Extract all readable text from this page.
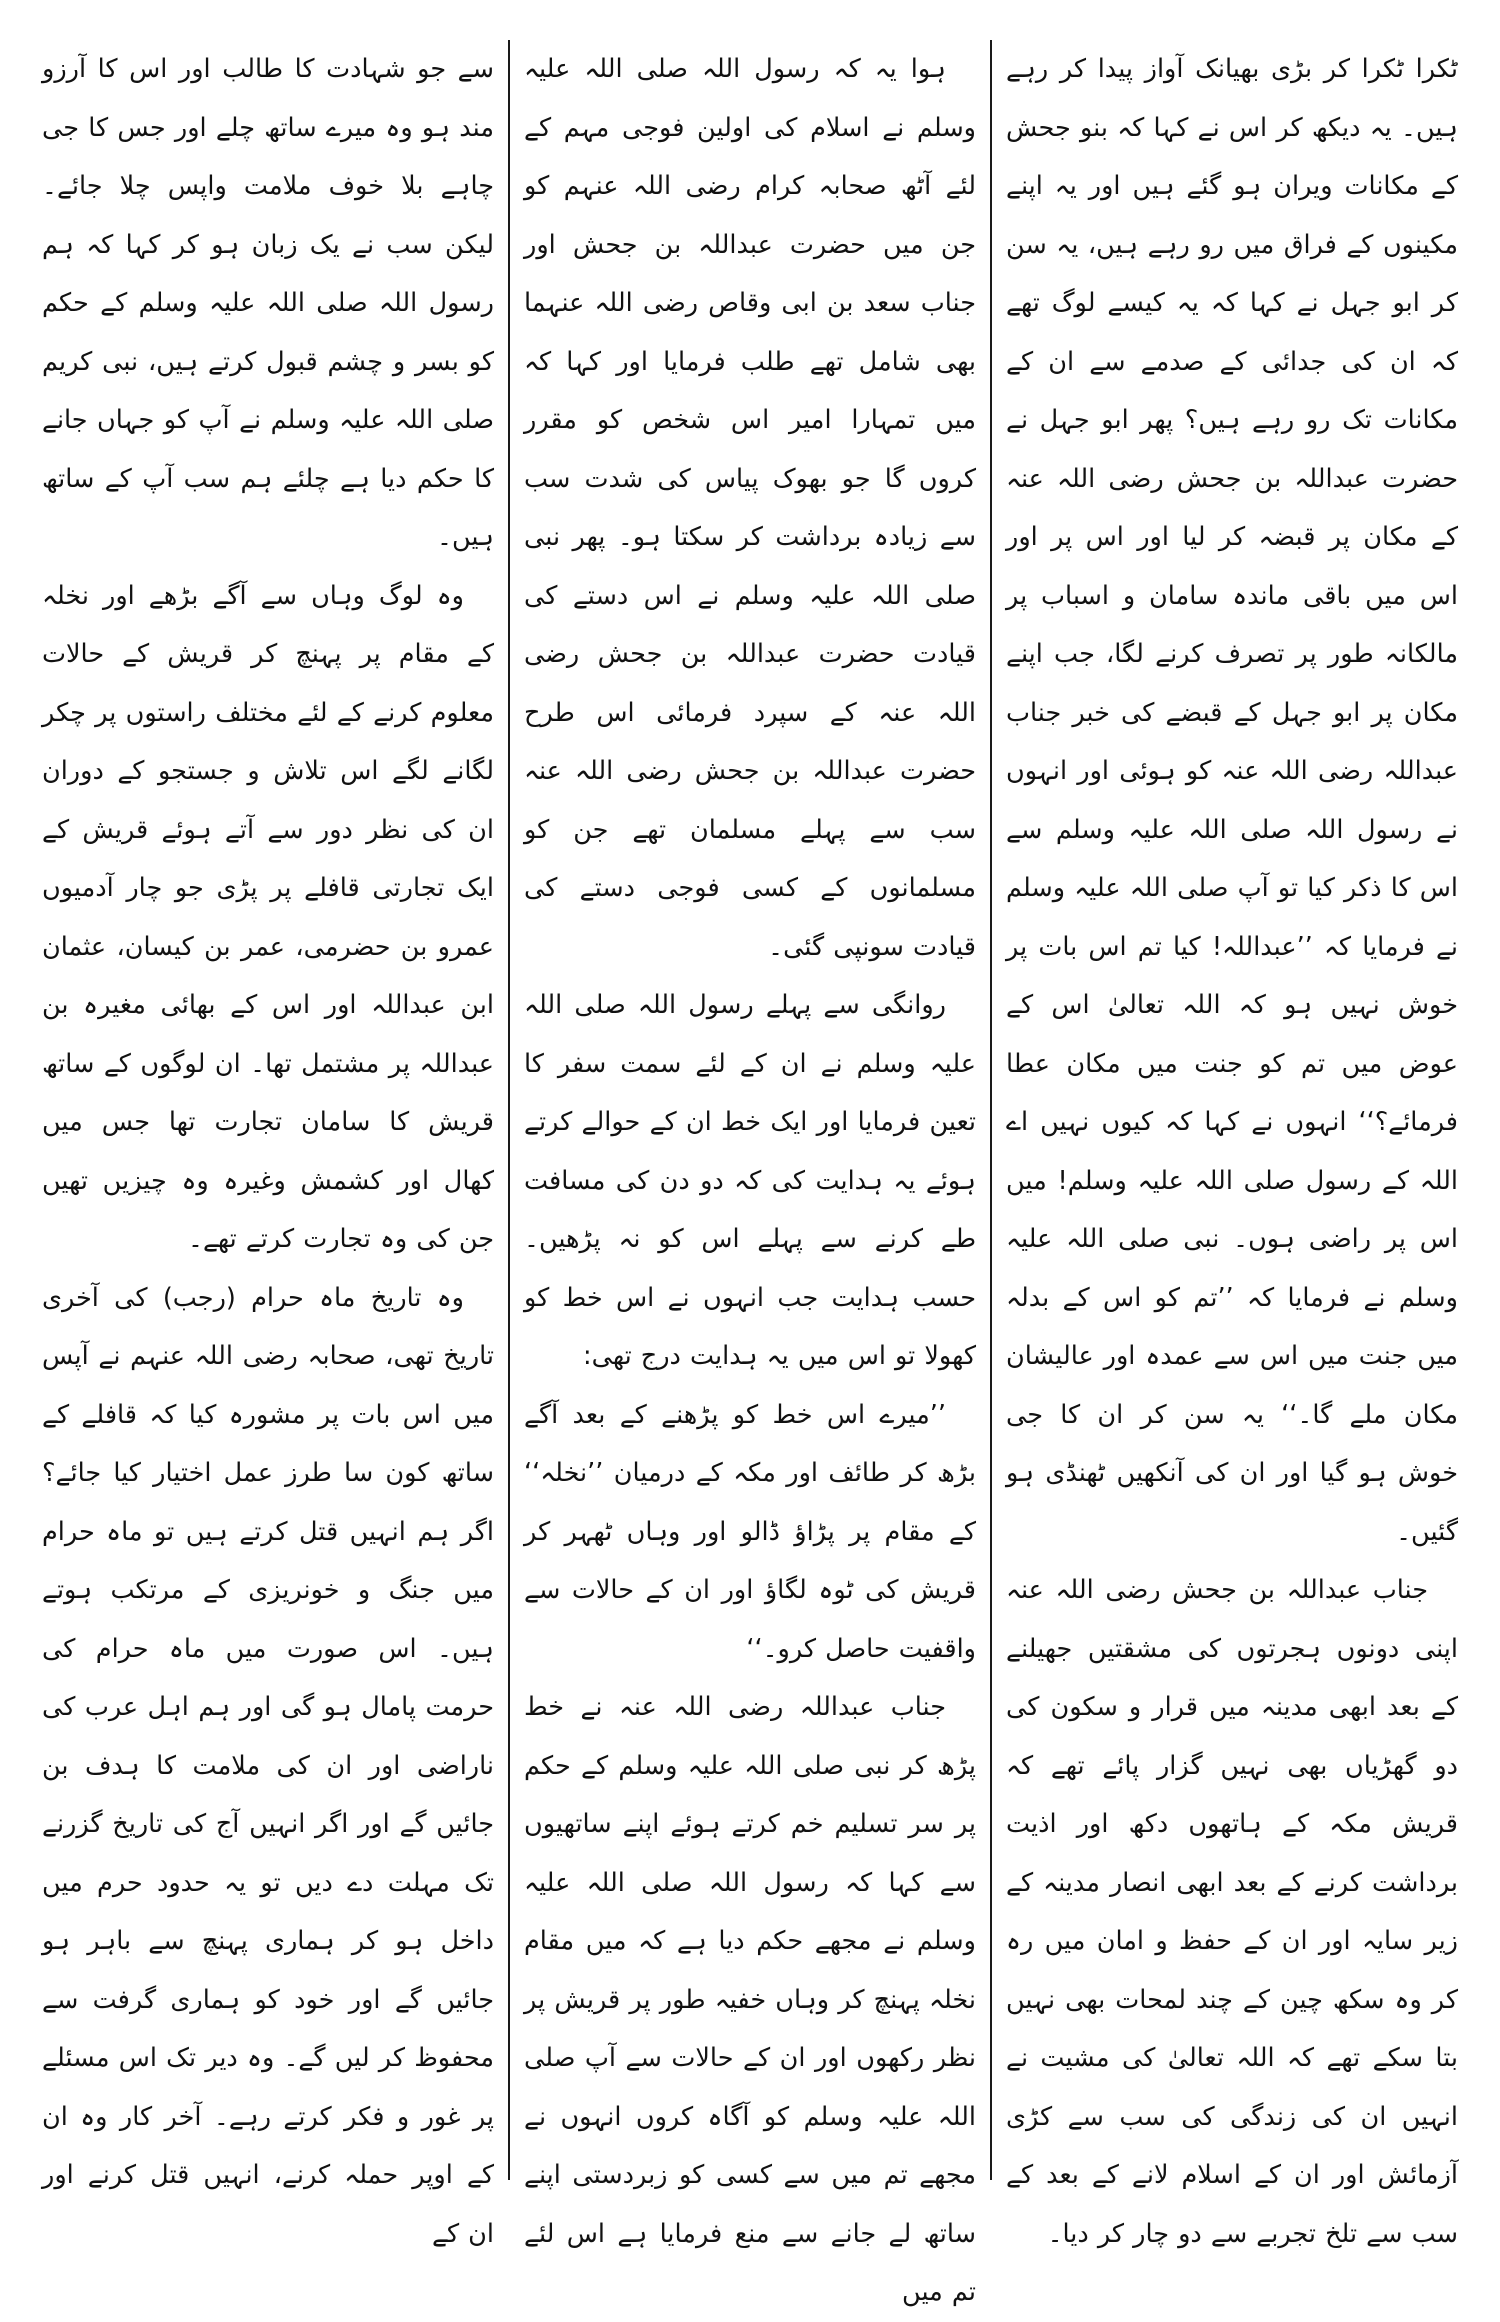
ٹکرا ٹکرا کر بڑی بھیانک آواز پیدا کر رہے ہیں۔ یہ دیکھ کر اس نے کہا کہ بنو جحش کے مکانات ویران ہو گئے ہیں اور یہ اپنے مکینوں کے فراق میں رو رہے ہیں، یہ سن کر ابو جہل نے کہا کہ یہ کیسے لوگ تھے کہ ان کی جدائی کے صدمے سے ان کے مکانات تک رو رہے ہیں؟ پھر ابو جہل نے حضرت عبداللہ بن جحش رضی اللہ عنہ کے مکان پر قبضہ کر لیا اور اس پر اور اس میں باقی ماندہ سامان و اسباب پر مالکانہ طور پر تصرف کرنے لگا، جب اپنے مکان پر ابو جہل کے قبضے کی خبر جناب عبداللہ رضی اللہ عنہ کو ہوئی اور انہوں نے رسول اللہ صلی اللہ علیہ وسلم سے اس کا ذکر کیا تو آپ صلی اللہ علیہ وسلم نے فرمایا کہ ’’عبداللہ! کیا تم اس بات پر خوش نہیں ہو کہ اللہ تعالیٰ اس کے عوض میں تم کو جنت میں مکان عطا فرمائے؟‘‘ انہوں نے کہا کہ کیوں نہیں اے اللہ کے رسول صلی اللہ علیہ وسلم! میں اس پر راضی ہوں۔ نبی صلی اللہ علیہ وسلم نے فرمایا کہ ’’تم کو اس کے بدلہ میں جنت میں اس سے عمدہ اور عالیشان مکان ملے گا۔‘‘ یہ سن کر ان کا جی خوش ہو گیا اور ان کی آنکھیں ٹھنڈی ہو گئیں۔

جناب عبداللہ بن جحش رضی اللہ عنہ اپنی دونوں ہجرتوں کی مشقتیں جھیلنے کے بعد ابھی مدینہ میں قرار و سکون کی دو گھڑیاں بھی نہیں گزار پائے تھے کہ قریش مکہ کے ہاتھوں دکھ اور اذیت برداشت کرنے کے بعد ابھی انصار مدینہ کے زیر سایہ اور ان کے حفظ و امان میں رہ کر وہ سکھ چین کے چند لمحات بھی نہیں بتا سکے تھے کہ اللہ تعالیٰ کی مشیت نے انہیں ان کی زندگی کی سب سے کڑی آزمائش اور ان کے اسلام لانے کے بعد کے سب سے تلخ تجربے سے دو چار کر دیا۔

ہوا یہ کہ رسول اللہ صلی اللہ علیہ وسلم نے اسلام کی اولین فوجی مہم کے لئے آٹھ صحابہ کرام رضی اللہ عنہم کو جن میں حضرت عبداللہ بن جحش اور جناب سعد بن ابی وقاص رضی اللہ عنہما بھی شامل تھے طلب فرمایا اور کہا کہ میں تمہارا امیر اس شخص کو مقرر کروں گا جو بھوک پیاس کی شدت سب سے زیادہ برداشت کر سکتا ہو۔ پھر نبی صلی اللہ علیہ وسلم نے اس دستے کی قیادت حضرت عبداللہ بن جحش رضی اللہ عنہ کے سپرد فرمائی اس طرح حضرت عبداللہ بن جحش رضی اللہ عنہ سب سے پہلے مسلمان تھے جن کو مسلمانوں کے کسی فوجی دستے کی قیادت سونپی گئی۔

روانگی سے پہلے رسول اللہ صلی اللہ علیہ وسلم نے ان کے لئے سمت سفر کا تعین فرمایا اور ایک خط ان کے حوالے کرتے ہوئے یہ ہدایت کی کہ دو دن کی مسافت طے کرنے سے پہلے اس کو نہ پڑھیں۔ حسب ہدایت جب انہوں نے اس خط کو کھولا تو اس میں یہ ہدایت درج تھی:

’’میرے اس خط کو پڑھنے کے بعد آگے بڑھ کر طائف اور مکہ کے درمیان ’’نخلہ‘‘ کے مقام پر پڑاؤ ڈالو اور وہاں ٹھہر کر قریش کی ٹوہ لگاؤ اور ان کے حالات سے واقفیت حاصل کرو۔‘‘

جناب عبداللہ رضی اللہ عنہ نے خط پڑھ کر نبی صلی اللہ علیہ وسلم کے حکم پر سر تسلیم خم کرتے ہوئے اپنے ساتھیوں سے کہا کہ رسول اللہ صلی اللہ علیہ وسلم نے مجھے حکم دیا ہے کہ میں مقام نخلہ پہنچ کر وہاں خفیہ طور پر قریش پر نظر رکھوں اور ان کے حالات سے آپ صلی اللہ علیہ وسلم کو آگاہ کروں انہوں نے مجھے تم میں سے کسی کو زبردستی اپنے ساتھ لے جانے سے منع فرمایا ہے اس لئے تم میں

سے جو شہادت کا طالب اور اس کا آرزو مند ہو وہ میرے ساتھ چلے اور جس کا جی چاہے بلا خوف ملامت واپس چلا جائے۔ لیکن سب نے یک زبان ہو کر کہا کہ ہم رسول اللہ صلی اللہ علیہ وسلم کے حکم کو بسر و چشم قبول کرتے ہیں، نبی کریم صلی اللہ علیہ وسلم نے آپ کو جہاں جانے کا حکم دیا ہے چلئے ہم سب آپ کے ساتھ ہیں۔

وہ لوگ وہاں سے آگے بڑھے اور نخلہ کے مقام پر پہنچ کر قریش کے حالات معلوم کرنے کے لئے مختلف راستوں پر چکر لگانے لگے اس تلاش و جستجو کے دوران ان کی نظر دور سے آتے ہوئے قریش کے ایک تجارتی قافلے پر پڑی جو چار آدمیوں عمرو بن حضرمی، عمر بن کیسان، عثمان ابن عبداللہ اور اس کے بھائی مغیرہ بن عبداللہ پر مشتمل تھا۔ ان لوگوں کے ساتھ قریش کا سامان تجارت تھا جس میں کھال اور کشمش وغیرہ وہ چیزیں تھیں جن کی وہ تجارت کرتے تھے۔

وہ تاریخ ماہ حرام (رجب) کی آخری تاریخ تھی، صحابہ رضی اللہ عنہم نے آپس میں اس بات پر مشورہ کیا کہ قافلے کے ساتھ کون سا طرز عمل اختیار کیا جائے؟ اگر ہم انہیں قتل کرتے ہیں تو ماہ حرام میں جنگ و خونریزی کے مرتکب ہوتے ہیں۔ اس صورت میں ماہ حرام کی حرمت پامال ہو گی اور ہم اہل عرب کی ناراضی اور ان کی ملامت کا ہدف بن جائیں گے اور اگر انہیں آج کی تاریخ گزرنے تک مہلت دے دیں تو یہ حدود حرم میں داخل ہو کر ہماری پہنچ سے باہر ہو جائیں گے اور خود کو ہماری گرفت سے محفوظ کر لیں گے۔ وہ دیر تک اس مسئلے پر غور و فکر کرتے رہے۔ آخر کار وہ ان کے اوپر حملہ کرنے، انہیں قتل کرنے اور ان کے
